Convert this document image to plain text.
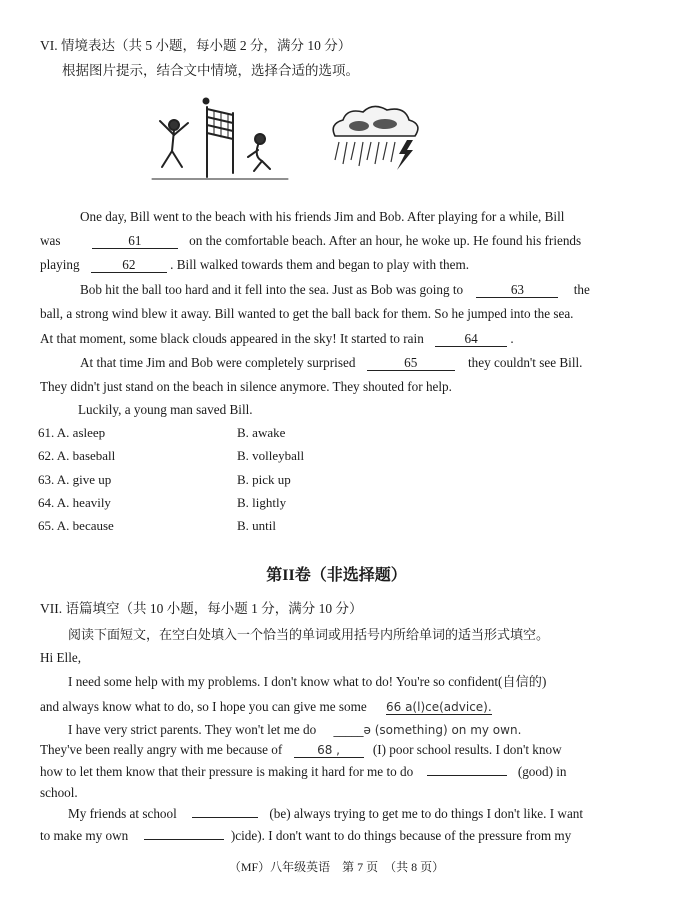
VI. 情境表达（共 5 小题，每小题 2 分，满分 10 分）
根据图片提示，结合文中情境，选择合适的选项。
One day, Bill went to the beach with his friends Jim and Bob. After playing for a while, Bill
was	61	on the comfortable beach. After an hour, he woke up. He found his friends
playing	62	. Bill walked towards them and began to play with them.
Bob hit the ball too hard and it fell into the sea. Just as Bob was going to	63	the
ball, a strong wind blew it away. Bill wanted to get the ball back for them. So he jumped into the sea.
At that moment, some black clouds appeared in the sky! It started to rain	64 .
At that time Jim and Bob were completely surprised	65	they couldn't see Bill.
They didn't just stand on the beach in silence anymore. They shouted for help.
Luckily, a young man saved Bill.
61. A. asleep	B. awake
62. A. baseball	B. volleyball
63. A. give up	B. pick up
64. A. heavily	B. lightly
65. A. because	B. until
第II卷（非选择题）
VII. 语篇填空（共 10 小题，每小题 1 分，满分 10 分）
阅读下面短文，在空白处填入一个恰当的单词或用括号内所给单词的适当形式填空。
Hi Elle,
I need some help with my problems. I don't know what to do! You're so confident(自信的)
and always know what to do, so I hope you can give me some 66 a(l)ce(advice).
I have very strict parents. They won't let me do _____ə (something) on my own.
They've been really angry with me because of	68 , (I) poor school results. I don't know
how to let them know that their pressure is making it hard for me to do	(good) in
school.
My friends at school	(be) always trying to get me to do things I don't like. I want
to make my own	)cide). I don't want to do things because of the pressure from my
（MF）八年级英语　第 7 页　（共 8 页）
